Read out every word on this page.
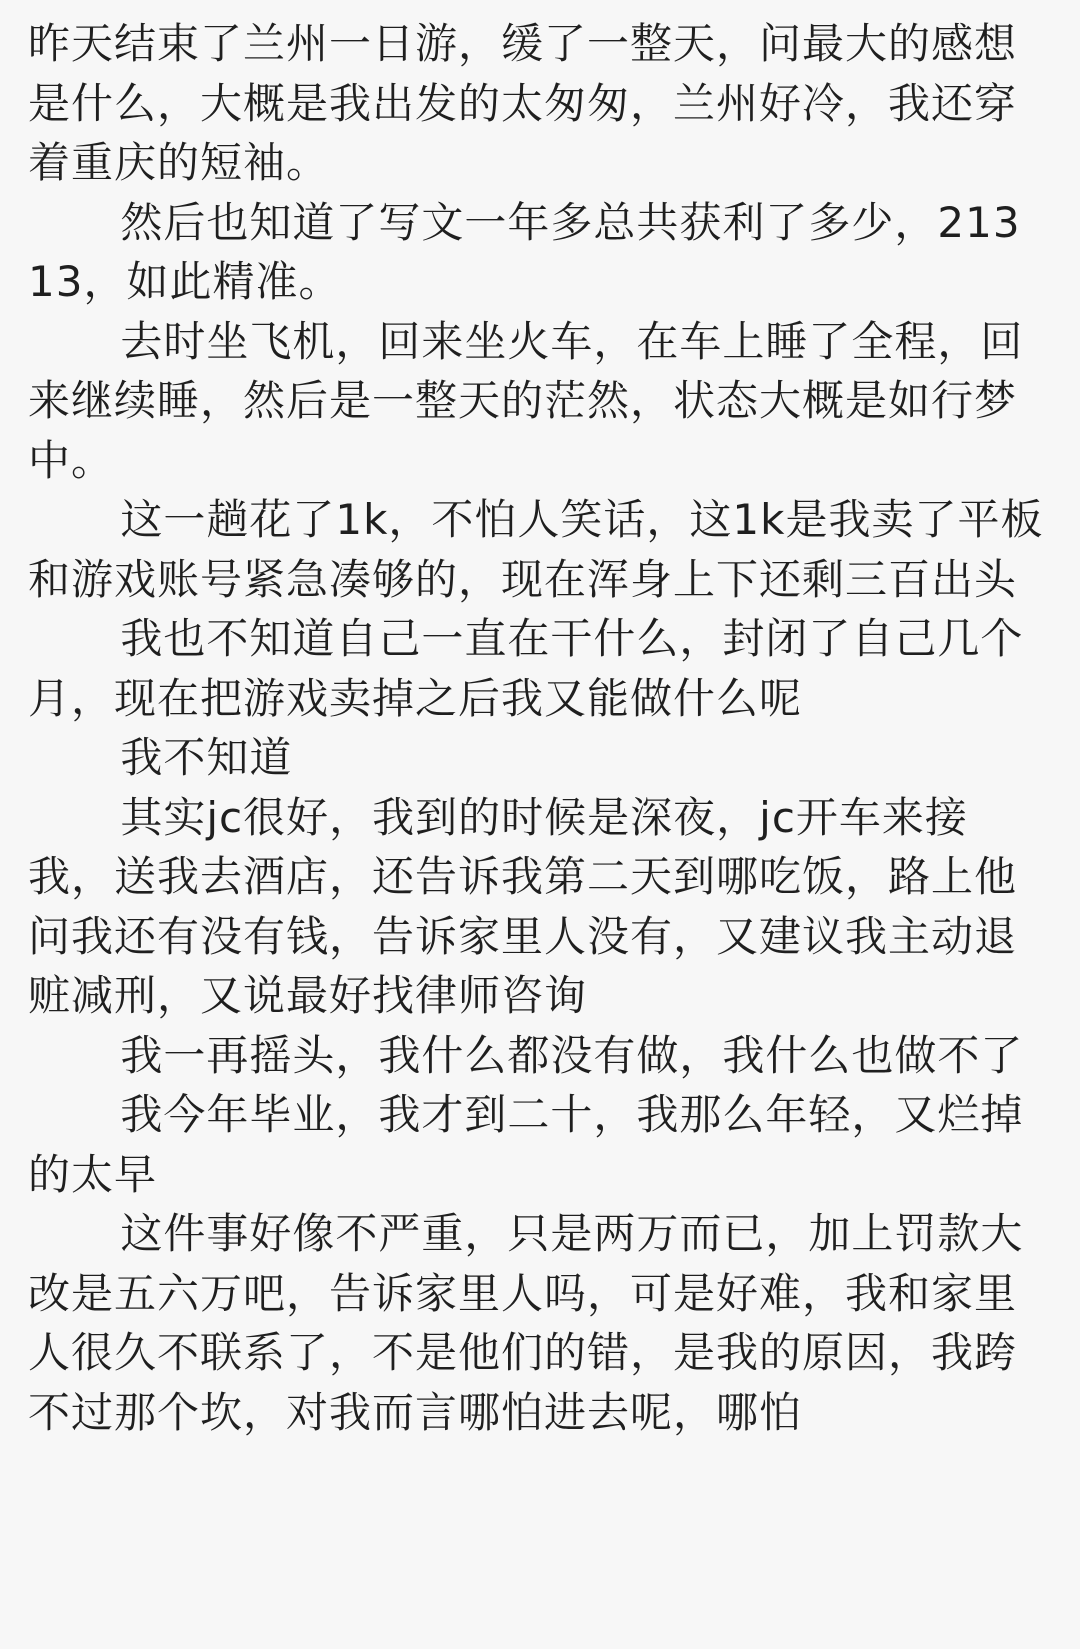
昨天结束了兰州一日游，缓了一整天，问最大的感想是什么，大概是我出发的太匆匆，兰州好冷，我还穿着重庆的短袖。

然后也知道了写文一年多总共获利了多少，21313，如此精准。

去时坐飞机，回来坐火车，在车上睡了全程，回来继续睡，然后是一整天的茫然，状态大概是如行梦中。

这一趟花了1k，不怕人笑话，这1k是我卖了平板和游戏账号紧急凑够的，现在浑身上下还剩三百出头

我也不知道自己一直在干什么，封闭了自己几个月，现在把游戏卖掉之后我又能做什么呢

我不知道

其实jc很好，我到的时候是深夜，jc开车来接我，送我去酒店，还告诉我第二天到哪吃饭，路上他问我还有没有钱，告诉家里人没有，又建议我主动退赃减刑，又说最好找律师咨询

我一再摇头，我什么都没有做，我什么也做不了

我今年毕业，我才到二十，我那么年轻，又烂掉的太早

这件事好像不严重，只是两万而已，加上罚款大改是五六万吧，告诉家里人吗，可是好难，我和家里人很久不联系了，不是他们的错，是我的原因，我跨不过那个坎，对我而言哪怕进去呢，哪怕
